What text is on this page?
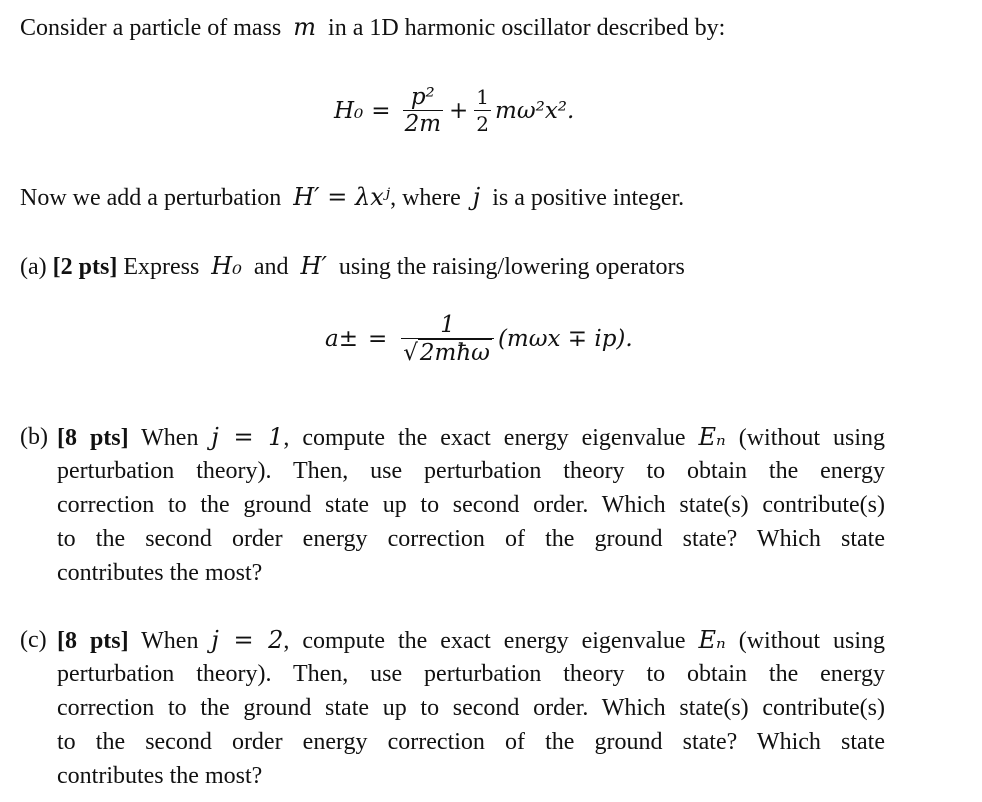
Consider a particle of mass m in a 1D harmonic oscillator described by:
$H_0 = \frac{\text{p²}}{2m} + \frac{1}{2} m\omega^2x^2$.
Now we add a perturbation H′ = λxʲ, where j is a positive integer.
(a) [2 pts] Express H₀ and H′ using the raising/lowering operators
$a\pm = \frac{1}{\text{√ 2mħω}} (m\omega x \mp ip)$.
(b) [8 pts] When j = 1, compute the exact energy eigenvalue Eₙ (without using
perturbation theory). Then, use perturbation theory to obtain the energy
correction to the ground state up to second order. Which state(s) contribute(s)
to the second order energy correction of the ground state? Which state
contributes the most?
(c) [8 pts] When j = 2, compute the exact energy eigenvalue Eₙ (without using
perturbation theory). Then, use perturbation theory to obtain the energy
correction to the ground state up to second order. Which state(s) contribute(s)
to the second order energy correction of the ground state? Which state
contributes the most?
